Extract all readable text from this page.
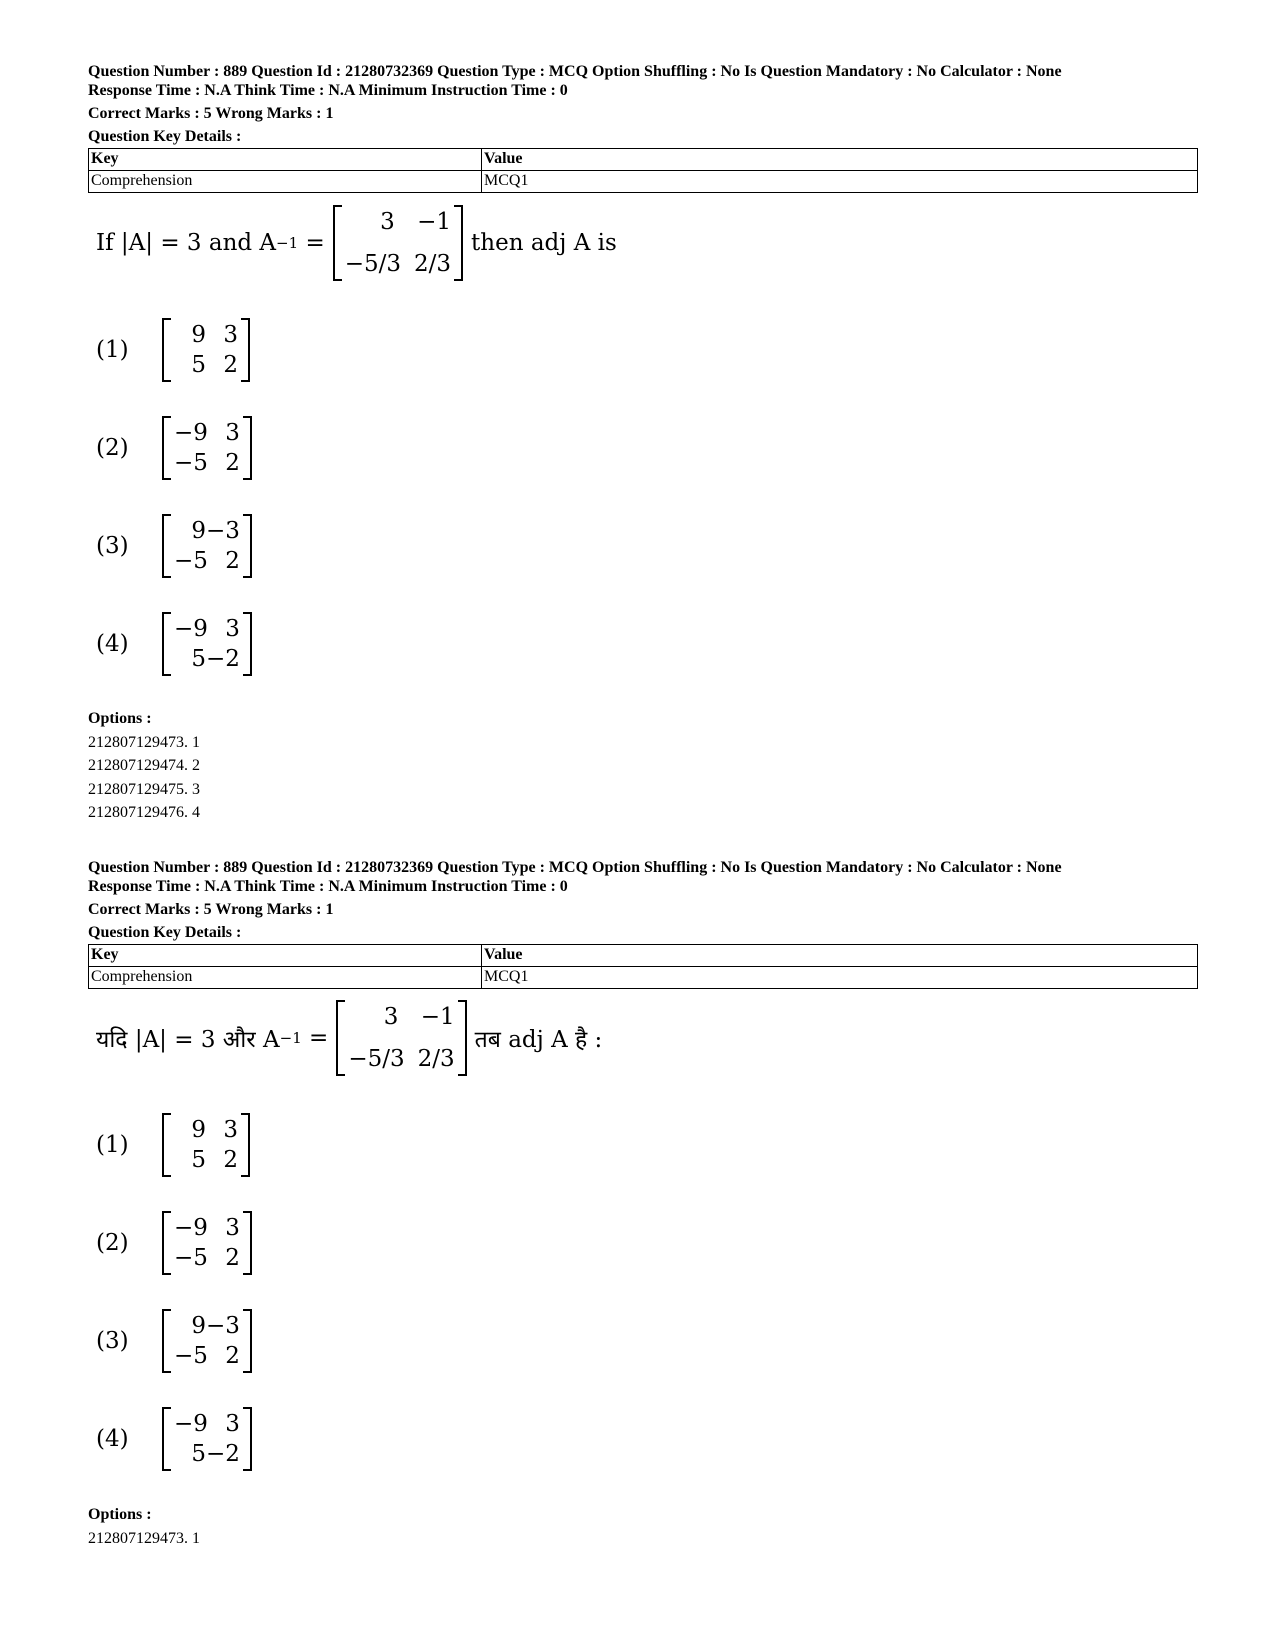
Question Number : 889 Question Id : 21280732369 Question Type : MCQ Option Shuffling : No Is Question Mandatory : No Calculator : None
Response Time : N.A Think Time : N.A Minimum Instruction Time : 0
Correct Marks : 5 Wrong Marks : 1
Question Key Details :
Key	Value
Comprehension	MCQ1
If |A| = 3 and A −1 =
3 −1
−5/3 2/3
then adj A is
(1)
9 3
5 2
(2)
−9 3
−5 2
(3)
9 −3
−5 2
(4)
−9 3
5 −2
Options :
212807129473. 1
212807129474. 2
212807129475. 3
212807129476. 4
Question Number : 889 Question Id : 21280732369 Question Type : MCQ Option Shuffling : No Is Question Mandatory : No Calculator : None
Response Time : N.A Think Time : N.A Minimum Instruction Time : 0
Correct Marks : 5 Wrong Marks : 1
Question Key Details :
Key	Value
Comprehension	MCQ1
यदि |A| = 3 और A −1 =
3 −1
−5/3 2/3
तब adj A है :
(1)
9 3
5 2
(2)
−9 3
−5 2
(3)
9 −3
−5 2
(4)
−9 3
5 −2
Options :
212807129473. 1
